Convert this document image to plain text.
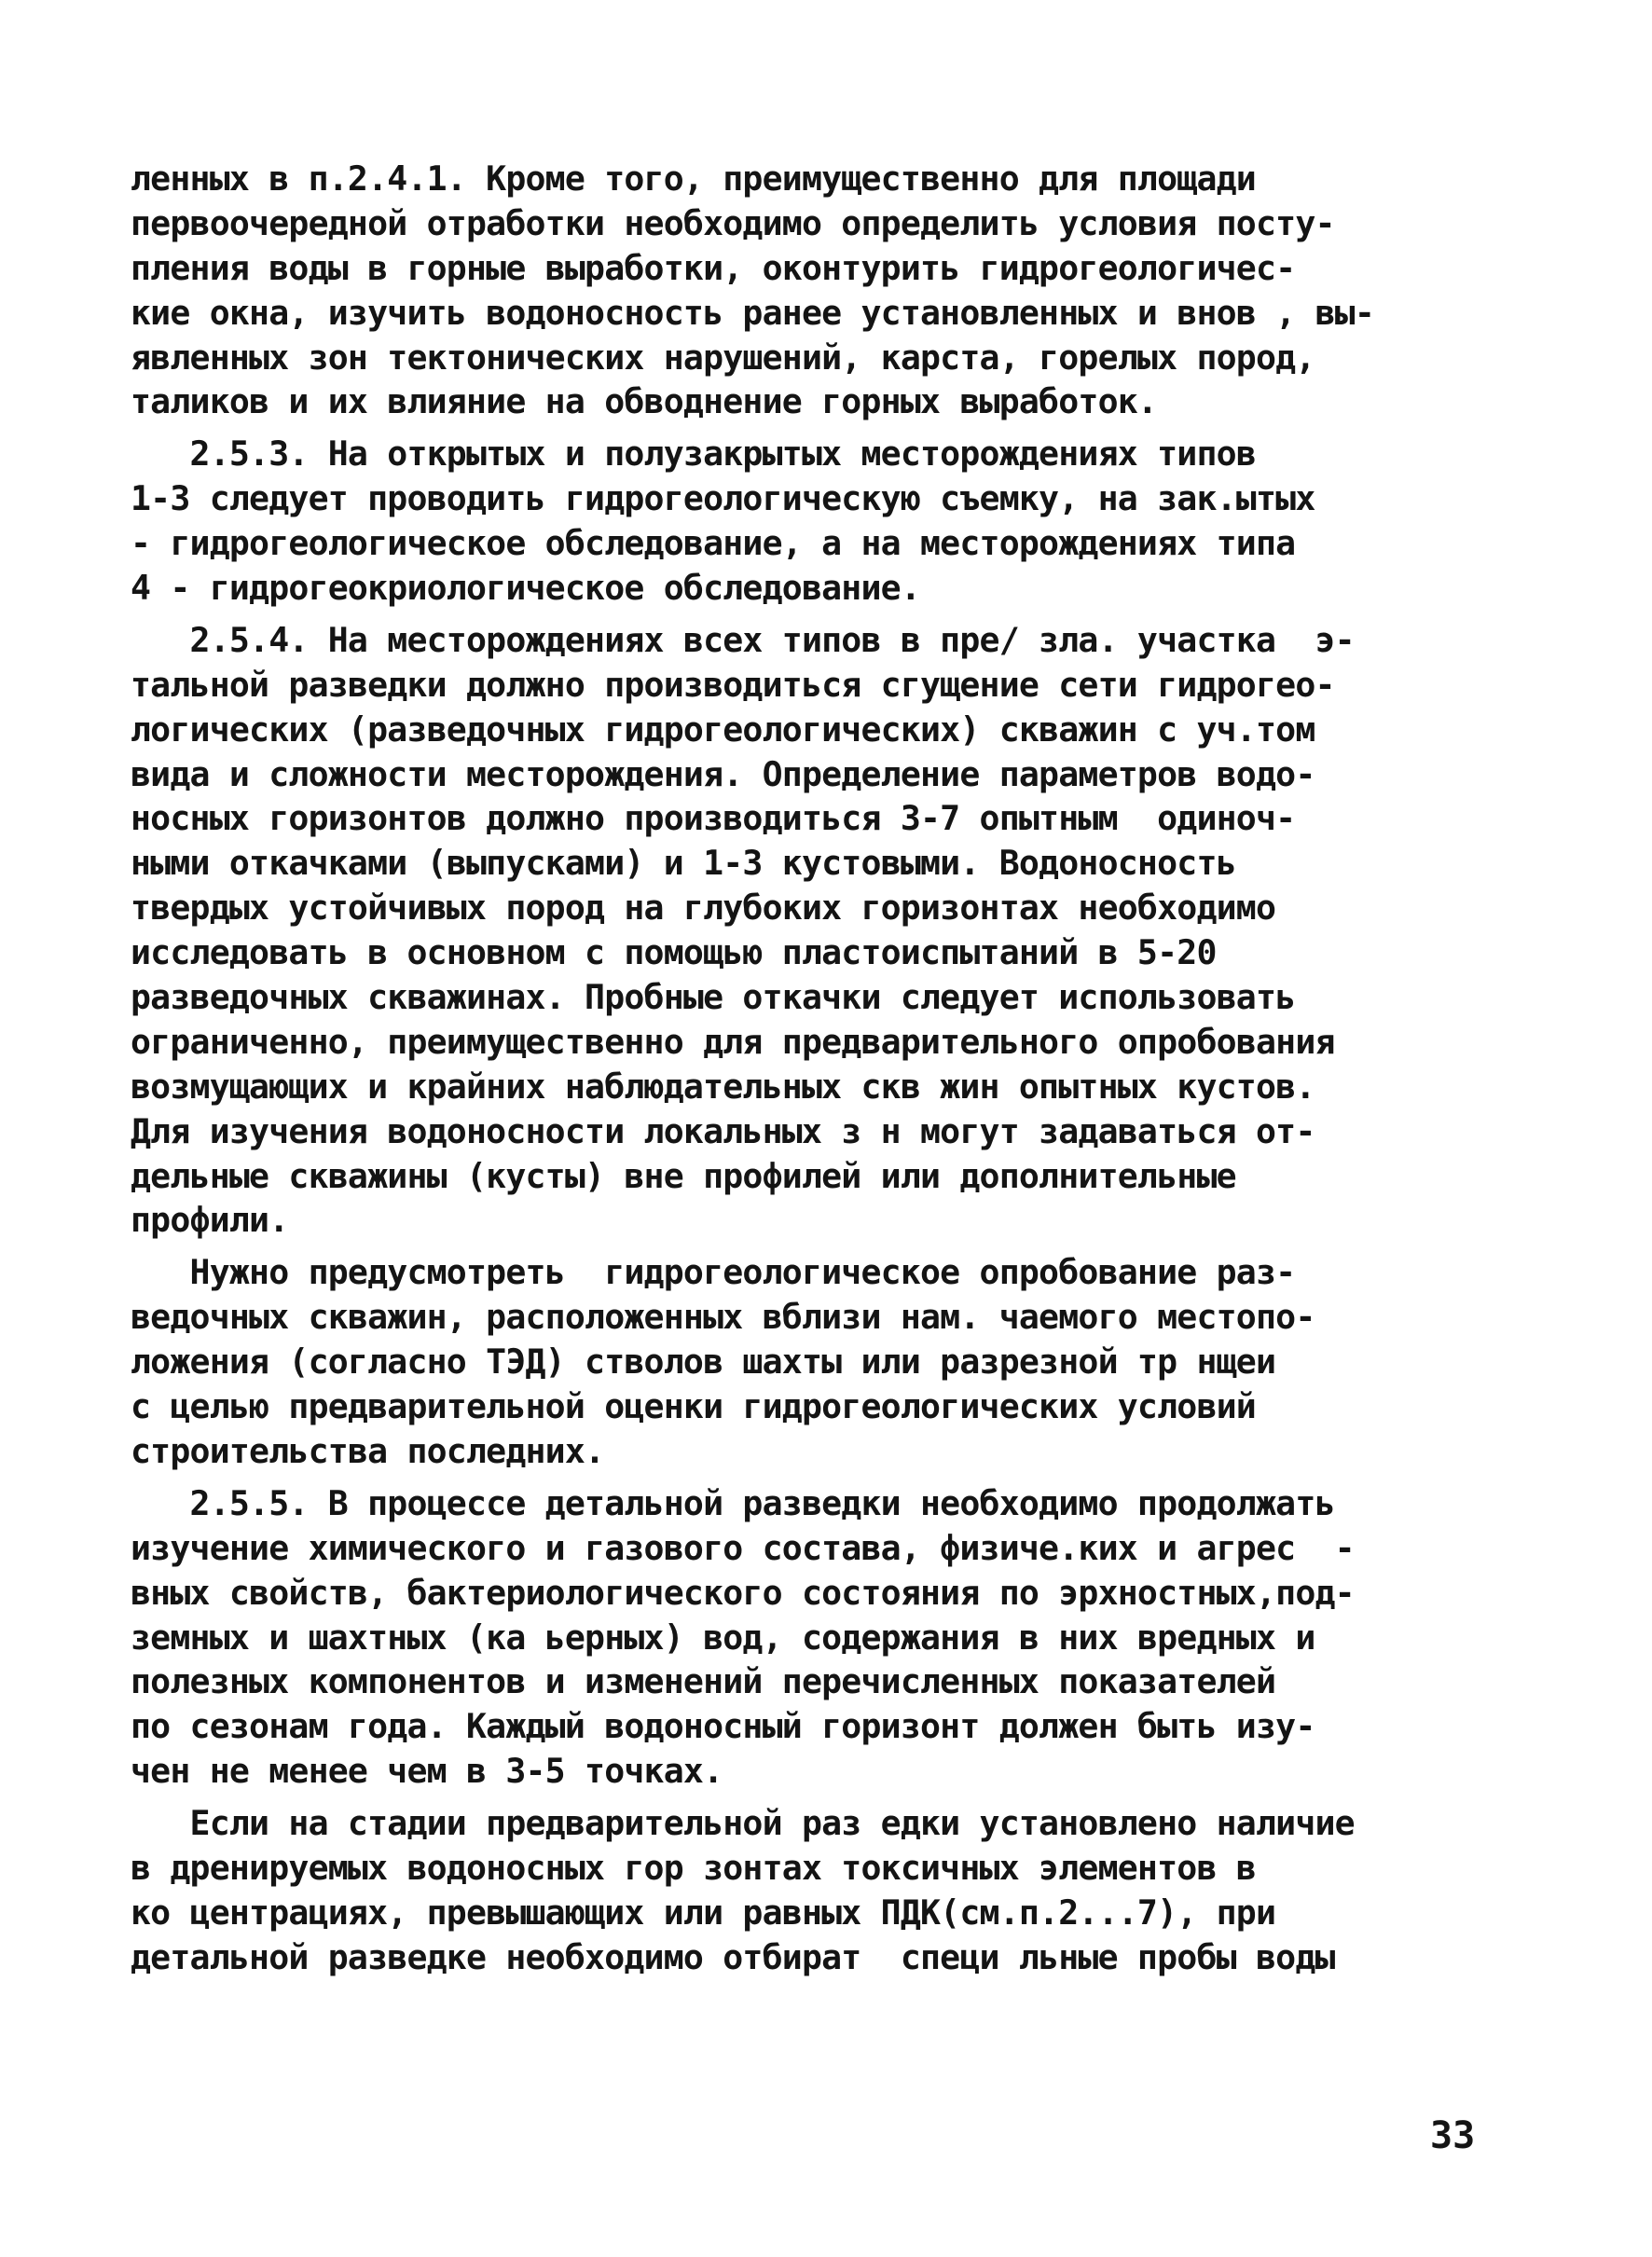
ленных в п.2.4.1. Кроме того, преимущественно для площади
первоочередной отработки необходимо определить условия посту-
пления воды в горные выработки, оконтурить гидрогеологичес-
кие окна, изучить водоносность ранее установленных и внов , вы-
явленных зон тектонических нарушений, карста, горелых пород,
таликов и их влияние на обводнение горных выработок.
2.5.3. На открытых и полузакрытых месторождениях типов
1-3 следует проводить гидрогеологическую съемку, на зак.ытых
- гидрогеологическое обследование, а на месторождениях типа
4 - гидрогеокриологическое обследование.
2.5.4. На месторождениях всех типов в пре/ зла. участка  э-
тальной разведки должно производиться сгущение сети гидрогео-
логических (разведочных гидрогеологических) скважин с уч.том
вида и сложности месторождения. Определение параметров водо-
носных горизонтов должно производиться 3-7 опытным  одиноч-
ными откачками (выпусками) и 1-3 кустовыми. Водоносность
твердых устойчивых пород на глубоких горизонтах необходимо
исследовать в основном с помощью пластоиспытаний в 5-20
разведочных скважинах. Пробные откачки следует использовать
ограниченно, преимущественно для предварительного опробования
возмущающих и крайних наблюдательных скв жин опытных кустов.
Для изучения водоносности локальных з н могут задаваться от-
дельные скважины (кусты) вне профилей или дополнительные
профили.
Нужно предусмотреть  гидрогеологическое опробование раз-
ведочных скважин, расположенных вблизи нам. чаемого местопо-
ложения (согласно ТЭД) стволов шахты или разрезной тр нщеи
с целью предварительной оценки гидрогеологических условий
строительства последних.
2.5.5. В процессе детальной разведки необходимо продолжать
изучение химического и газового состава, физиче.ких и агрес  -
вных свойств, бактериологического состояния по эрхностных,под-
земных и шахтных (ка ьерных) вод, содержания в них вредных и
полезных компонентов и изменений перечисленных показателей
по сезонам года. Каждый водоносный горизонт должен быть изу-
чен не менее чем в 3-5 точках.
Если на стадии предварительной раз едки установлено наличие
в дренируемых водоносных гор зонтах токсичных элементов в
ко центрациях, превышающих или равных ПДК(см.п.2...7), при
детальной разведке необходимо отбират  специ льные пробы воды
33
